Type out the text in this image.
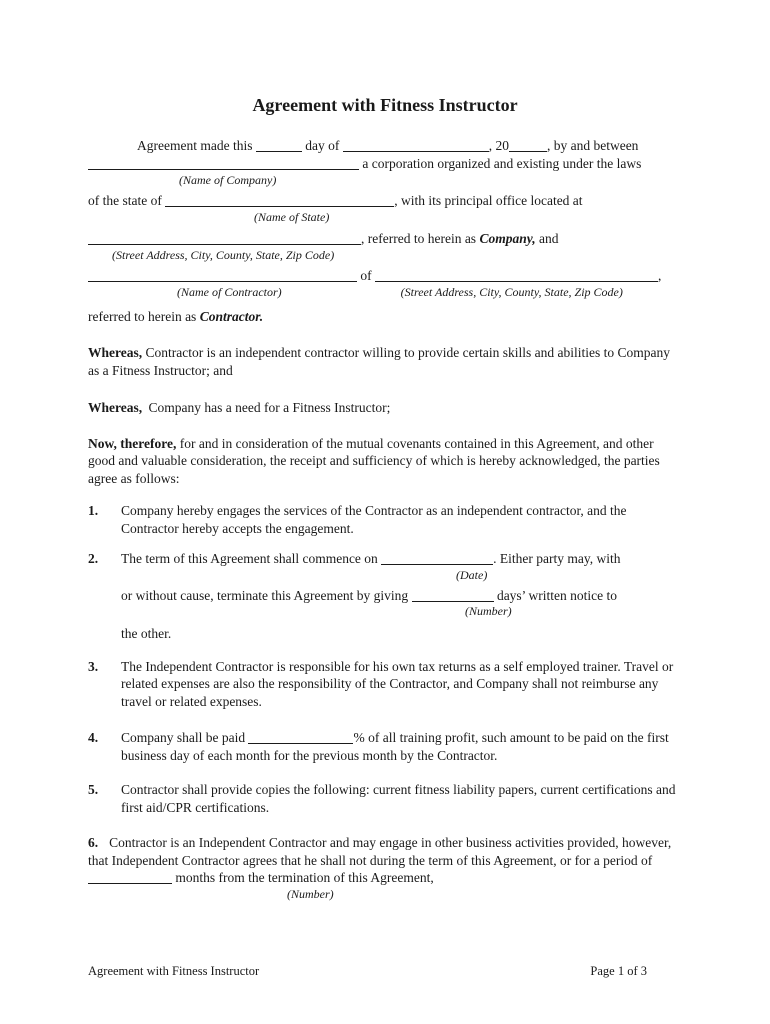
Agreement with Fitness Instructor
Agreement made this	day of	, 20	, by and between
a corporation organized and existing under the laws
(Name of Company)
of the state of	, with its principal office located at
(Name of State)
, referred to herein as Company, and
(Street Address, City, County, State, Zip Code)
of	,
(Name of Contractor)	(Street Address, City, County, State, Zip Code)
referred to herein as Contractor.

Whereas, Contractor is an independent contractor willing to provide certain skills and abilities to Company as a Fitness Instructor; and

Whereas, Company has a need for a Fitness Instructor;

Now, therefore, for and in consideration of the mutual covenants contained in this Agreement, and other good and valuable consideration, the receipt and sufficiency of which is hereby acknowledged, the parties agree as follows:

1. Company hereby engages the services of the Contractor as an independent contractor, and the Contractor hereby accepts the engagement.
2. The term of this Agreement shall commence on	. Either party may, with
(Date)
or without cause, terminate this Agreement by giving	days’ written notice to
(Number)
the other.
3. The Independent Contractor is responsible for his own tax returns as a self employed trainer. Travel or related expenses are also the responsibility of the Contractor, and Company shall not reimburse any travel or related expenses.
4. Company shall be paid	% of all training profit, such amount to be paid on the first business day of each month for the previous month by the Contractor.
5. Contractor shall provide copies the following: current fitness liability papers, current certifications and first aid/CPR certifications.

6. Contractor is an Independent Contractor and may engage in other business activities provided, however, that Independent Contractor agrees that he shall not during the term of this Agreement, or for a period of  months from the termination of this Agreement,

(Number)
Agreement with Fitness Instructor	Page 1 of 3
